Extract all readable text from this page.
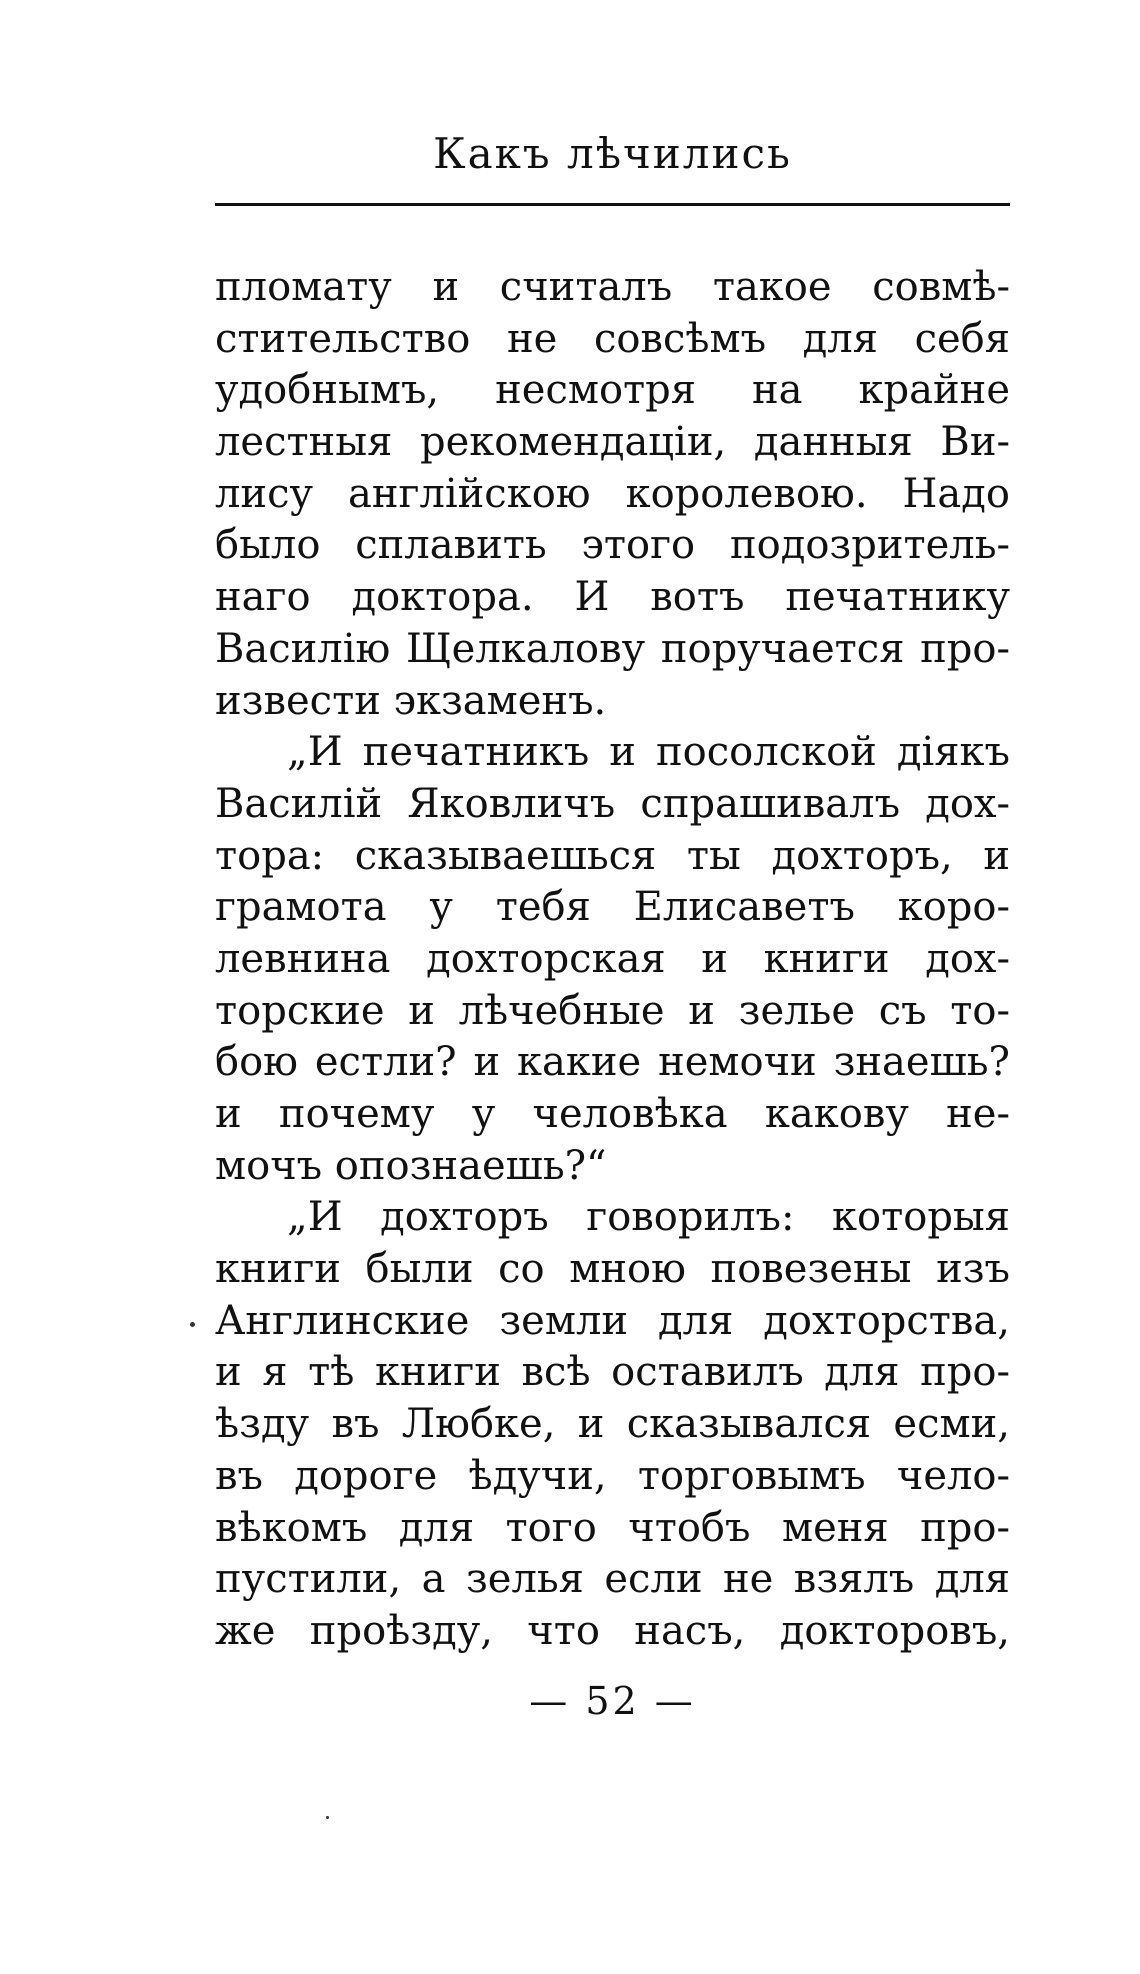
Какъ лѣчились
пломату и считалъ такое совмѣ-
стительство не совсѣмъ для себя
удобнымъ, несмотря на крайне
лестныя рекомендаціи, данныя Ви-
лису англійскою королевою. Надо
было сплавить этого подозритель-
наго доктора. И вотъ печатнику
Василію Щелкалову поручается про-
извести экзаменъ.
„И печатникъ и посолской діякъ
Василій Яковличъ спрашивалъ дох-
тора: сказываешься ты дохторъ, и
грамота у тебя Елисаветъ коро-
левнина дохторская и книги дох-
торские и лѣчебные и зелье съ то-
бою естли? и какие немочи знаешь?
и почему у человѣка какову не-
мочъ опознаешь?“
„И дохторъ говорилъ: которыя
книги были со мною повезены изъ
Англинские земли для дохторства,
и я тѣ книги всѣ оставилъ для про-
ѣзду въ Любке, и сказывался есми,
въ дороге ѣдучи, торговымъ чело-
вѣкомъ для того чтобъ меня про-
пустили, а зелья если не взялъ для
же проѣзду, что насъ, докторовъ,
— 52 —
